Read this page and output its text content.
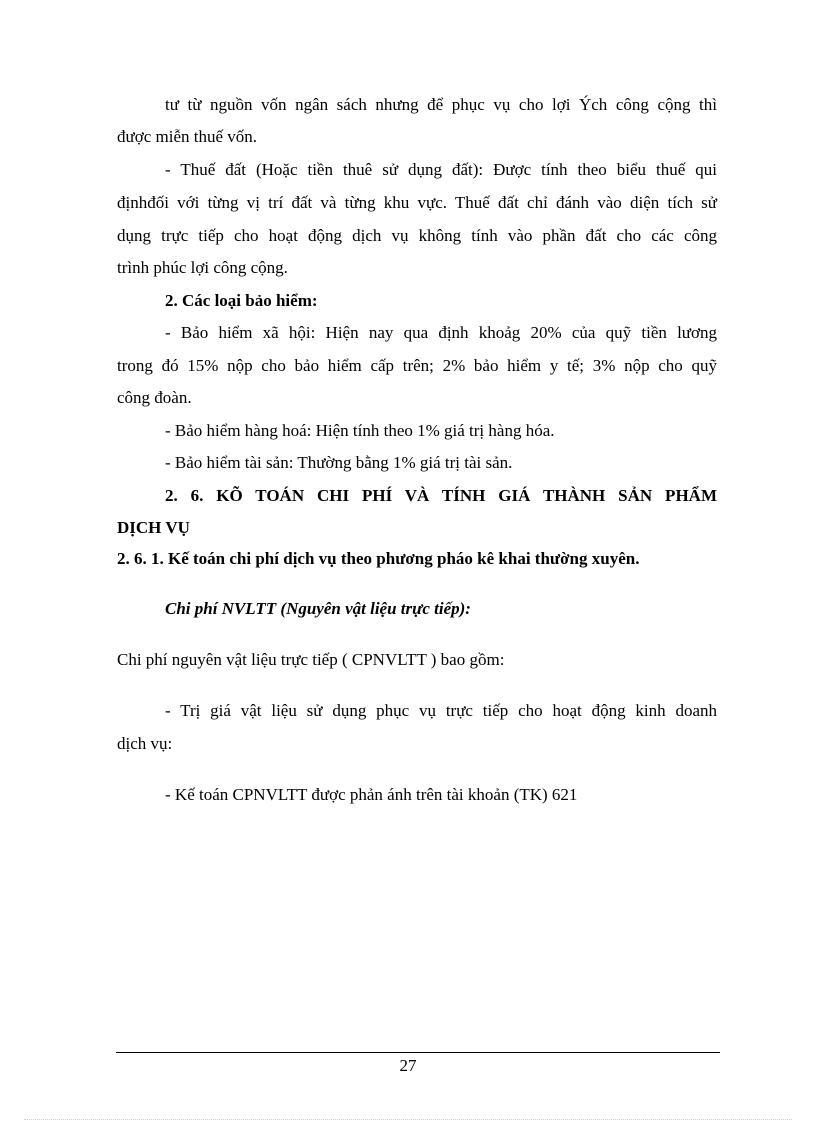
tư từ nguồn vốn ngân sách nhưng để phục vụ cho lợi Ých công cộng thì
được miễn thuế vốn.
- Thuế đất (Hoặc tiền thuê sử dụng đất): Được tính theo biểu thuế qui
địnhđối với từng vị trí đất và từng khu vực. Thuế đất chỉ đánh vào diện tích sử
dụng trực tiếp cho hoạt động dịch vụ không tính vào phần đất cho các công
trình phúc lợi công cộng.
2. Các loại bảo hiểm:
- Bảo hiểm xã hội: Hiện nay qua định khoảg 20% của quỹ tiền lương
trong đó 15% nộp cho bảo hiểm cấp trên; 2% bảo hiểm y tế; 3% nộp cho quỹ
công đoàn.
- Bảo hiểm hàng hoá: Hiện tính theo 1% giá trị hàng hóa.
- Bảo hiểm tài sản: Thường bằng 1% giá trị tài sản.
2. 6. KÕ TOÁN CHI PHÍ VÀ TÍNH GIÁ THÀNH SẢN PHẨM
DỊCH VỤ
2. 6. 1. Kế toán chi phí dịch vụ theo phương pháo kê khai thường xuyên.
Chi phí NVLTT (Nguyên vật liệu trực tiếp):
Chi phí nguyên vật liệu trực tiếp ( CPNVLTT ) bao gồm:
- Trị giá vật liệu sử dụng phục vụ trực tiếp cho hoạt động kinh doanh
dịch vụ:
- Kế toán CPNVLTT được phản ánh trên tài khoản (TK) 621
27
